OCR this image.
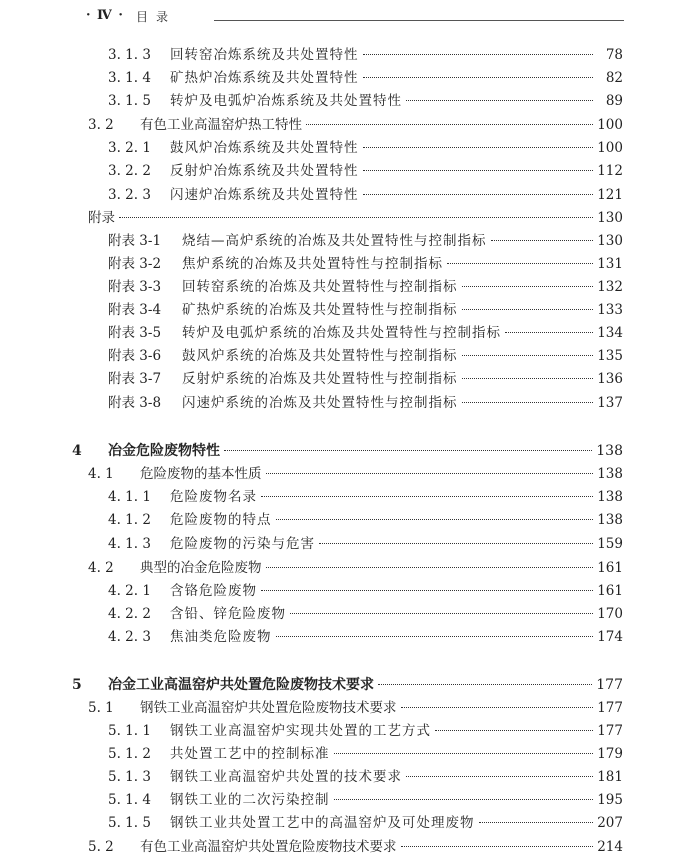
· Ⅳ · 目录
3. 1. 3	回转窑冶炼系统及共处置特性	78
3. 1. 4	矿热炉冶炼系统及共处置特性	82
3. 1. 5	转炉及电弧炉冶炼系统及共处置特性	89
3. 2	有色工业高温窑炉热工特性	100
3. 2. 1	鼓风炉冶炼系统及共处置特性	100
3. 2. 2	反射炉冶炼系统及共处置特性	112
3. 2. 3	闪速炉冶炼系统及共处置特性	121
附录	130
附表 3-1	烧结—高炉系统的冶炼及共处置特性与控制指标	130
附表 3-2	焦炉系统的冶炼及共处置特性与控制指标	131
附表 3-3	回转窑系统的冶炼及共处置特性与控制指标	132
附表 3-4	矿热炉系统的冶炼及共处置特性与控制指标	133
附表 3-5	转炉及电弧炉系统的冶炼及共处置特性与控制指标	134
附表 3-6	鼓风炉系统的冶炼及共处置特性与控制指标	135
附表 3-7	反射炉系统的冶炼及共处置特性与控制指标	136
附表 3-8	闪速炉系统的冶炼及共处置特性与控制指标	137
4	冶金危险废物特性	138
4. 1	危险废物的基本性质	138
4. 1. 1	危险废物名录	138
4. 1. 2	危险废物的特点	138
4. 1. 3	危险废物的污染与危害	159
4. 2	典型的冶金危险废物	161
4. 2. 1	含铬危险废物	161
4. 2. 2	含铅、锌危险废物	170
4. 2. 3	焦油类危险废物	174
5	冶金工业高温窑炉共处置危险废物技术要求	177
5. 1	钢铁工业高温窑炉共处置危险废物技术要求	177
5. 1. 1	钢铁工业高温窑炉实现共处置的工艺方式	177
5. 1. 2	共处置工艺中的控制标准	179
5. 1. 3	钢铁工业高温窑炉共处置的技术要求	181
5. 1. 4	钢铁工业的二次污染控制	195
5. 1. 5	钢铁工业共处置工艺中的高温窑炉及可处理废物	207
5. 2	有色工业高温窑炉共处置危险废物技术要求	214
